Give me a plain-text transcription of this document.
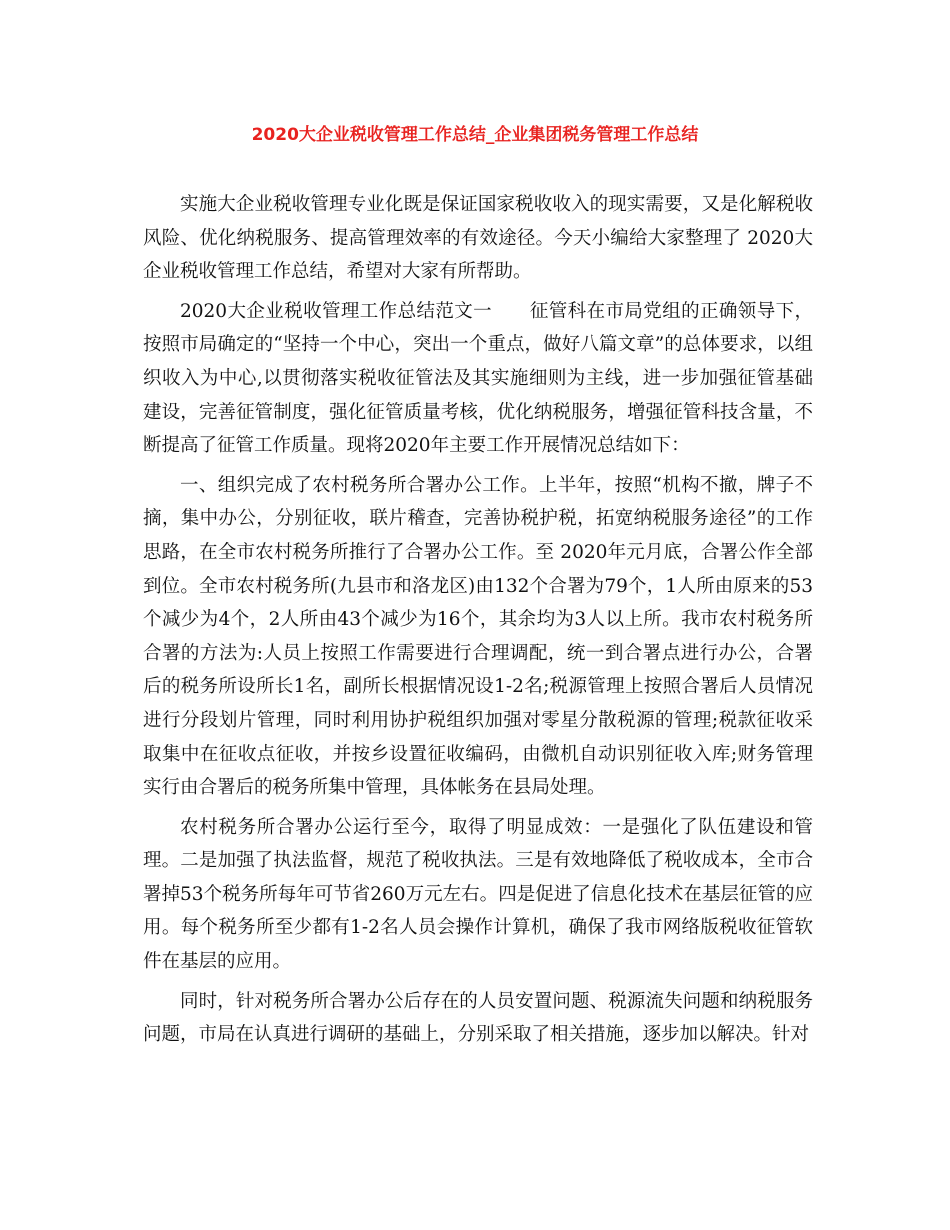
2020大企业税收管理工作总结_企业集团税务管理工作总结

实施大企业税收管理专业化既是保证国家税收收入的现实需要，又是化解税收风险、优化纳税服务、提高管理效率的有效途径。今天小编给大家整理了 2020大企业税收管理工作总结，希望对大家有所帮助。

2020大企业税收管理工作总结范文一　　征管科在市局党组的正确领导下，按照市局确定的“坚持一个中心，突出一个重点，做好八篇文章”的总体要求，以组织收入为中心,以贯彻落实税收征管法及其实施细则为主线，进一步加强征管基础建设，完善征管制度，强化征管质量考核，优化纳税服务，增强征管科技含量，不断提高了征管工作质量。现将2020年主要工作开展情况总结如下：

一、组织完成了农村税务所合署办公工作。上半年，按照“机构不撤，牌子不摘，集中办公，分别征收，联片稽查，完善协税护税，拓宽纳税服务途径”的工作思路，在全市农村税务所推行了合署办公工作。至 2020年元月底，合署公作全部到位。全市农村税务所(九县市和洛龙区)由132个合署为79个，1人所由原来的53个减少为4个，2人所由43个减少为16个，其余均为3人以上所。我市农村税务所合署的方法为:人员上按照工作需要进行合理调配，统一到合署点进行办公，合署后的税务所设所长1名，副所长根据情况设1-2名;税源管理上按照合署后人员情况进行分段划片管理，同时利用协护税组织加强对零星分散税源的管理;税款征收采取集中在征收点征收，并按乡设置征收编码，由微机自动识别征收入库;财务管理实行由合署后的税务所集中管理，具体帐务在县局处理。

农村税务所合署办公运行至今，取得了明显成效：一是强化了队伍建设和管理。二是加强了执法监督，规范了税收执法。三是有效地降低了税收成本，全市合署掉53个税务所每年可节省260万元左右。四是促进了信息化技术在基层征管的应用。每个税务所至少都有1-2名人员会操作计算机，确保了我市网络版税收征管软件在基层的应用。

同时，针对税务所合署办公后存在的人员安置问题、税源流失问题和纳税服务问题，市局在认真进行调研的基础上，分别采取了相关措施，逐步加以解决。针对
